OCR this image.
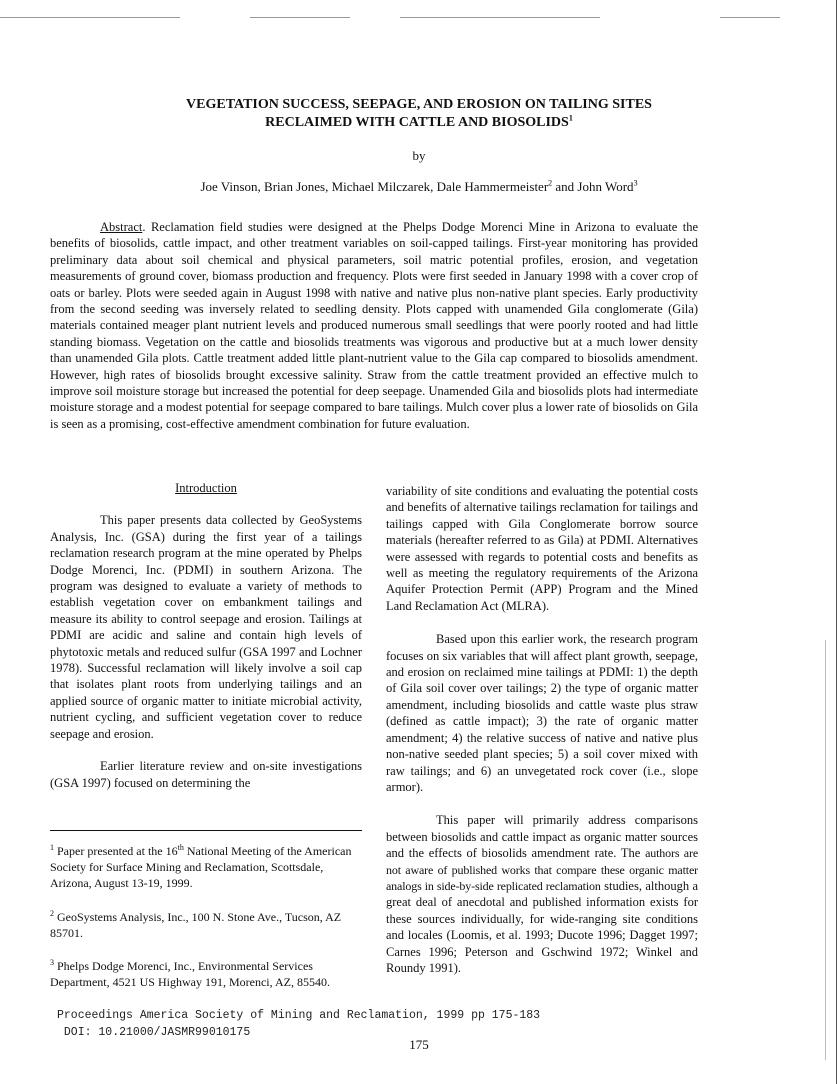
VEGETATION SUCCESS, SEEPAGE, AND EROSION ON TAILING SITES
RECLAIMED WITH CATTLE AND BIOSOLIDS$^1$
by
Joe Vinson, Brian Jones, Michael Milczarek, Dale Hammermeister$^2$ and John Word$^3$

Abstract. Reclamation field studies were designed at the Phelps Dodge Morenci Mine in Arizona to evaluate the benefits of biosolids, cattle impact, and other treatment variables on soil-capped tailings. First-year monitoring has provided preliminary data about soil chemical and physical parameters, soil matric potential profiles, erosion, and vegetation measurements of ground cover, biomass production and frequency. Plots were first seeded in January 1998 with a cover crop of oats or barley. Plots were seeded again in August 1998 with native and native plus non-native plant species. Early productivity from the second seeding was inversely related to seedling density. Plots capped with unamended Gila conglomerate (Gila) materials contained meager plant nutrient levels and produced numerous small seedlings that were poorly rooted and had little standing biomass. Vegetation on the cattle and biosolids treatments was vigorous and productive but at a much lower density than unamended Gila plots. Cattle treatment added little plant-nutrient value to the Gila cap compared to biosolids amendment. However, high rates of biosolids brought excessive salinity. Straw from the cattle treatment provided an effective mulch to improve soil moisture storage but increased the potential for deep seepage. Unamended Gila and biosolids plots had intermediate moisture storage and a modest potential for seepage compared to bare tailings. Mulch cover plus a lower rate of biosolids on Gila is seen as a promising, cost-effective amendment combination for future evaluation.

Introduction

This paper presents data collected by GeoSystems Analysis, Inc. (GSA) during the first year of a tailings reclamation research program at the mine operated by Phelps Dodge Morenci, Inc. (PDMI) in southern Arizona. The program was designed to evaluate a variety of methods to establish vegetation cover on embankment tailings and measure its ability to control seepage and erosion. Tailings at PDMI are acidic and saline and contain high levels of phytotoxic metals and reduced sulfur (GSA 1997 and Lochner 1978). Successful reclamation will likely involve a soil cap that isolates plant roots from underlying tailings and an applied source of organic matter to initiate microbial activity, nutrient cycling, and sufficient vegetation cover to reduce seepage and erosion.

Earlier literature review and on-site investigations (GSA 1997) focused on determining the

variability of site conditions and evaluating the potential costs and benefits of alternative tailings reclamation for tailings and tailings capped with Gila Conglomerate borrow source materials (hereafter referred to as Gila) at PDMI. Alternatives were assessed with regards to potential costs and benefits as well as meeting the regulatory requirements of the Arizona Aquifer Protection Permit (APP) Program and the Mined Land Reclamation Act (MLRA).

Based upon this earlier work, the research program focuses on six variables that will affect plant growth, seepage, and erosion on reclaimed mine tailings at PDMI: 1) the depth of Gila soil cover over tailings; 2) the type of organic matter amendment, including biosolids and cattle waste plus straw (defined as cattle impact); 3) the rate of organic matter amendment; 4) the relative success of native and native plus non-native seeded plant species; 5) a soil cover mixed with raw tailings; and 6) an unvegetated rock cover (i.e., slope armor).

This paper will primarily address comparisons between biosolids and cattle impact as organic matter sources and the effects of biosolids amendment rate. The authors are not aware of published works that compare these organic matter analogs in side-by-side replicated reclamation studies, although a great deal of anecdotal and published information exists for these sources individually, for wide-ranging site conditions and locales (Loomis, et al. 1993; Ducote 1996; Dagget 1997; Carnes 1996; Peterson and Gschwind 1972; Winkel and Roundy 1991).

$^1$ Paper presented at the 16th National Meeting of the American Society for Surface Mining and Reclamation, Scottsdale, Arizona, August 13-19, 1999.

$^2$ GeoSystems Analysis, Inc., 100 N. Stone Ave., Tucson, AZ 85701.

$^3$ Phelps Dodge Morenci, Inc., Environmental Services Department, 4521 US Highway 191, Morenci, AZ, 85540.

Proceedings America Society of Mining and Reclamation, 1999 pp 175-183
DOI: 10.21000/JASMR99010175
175
